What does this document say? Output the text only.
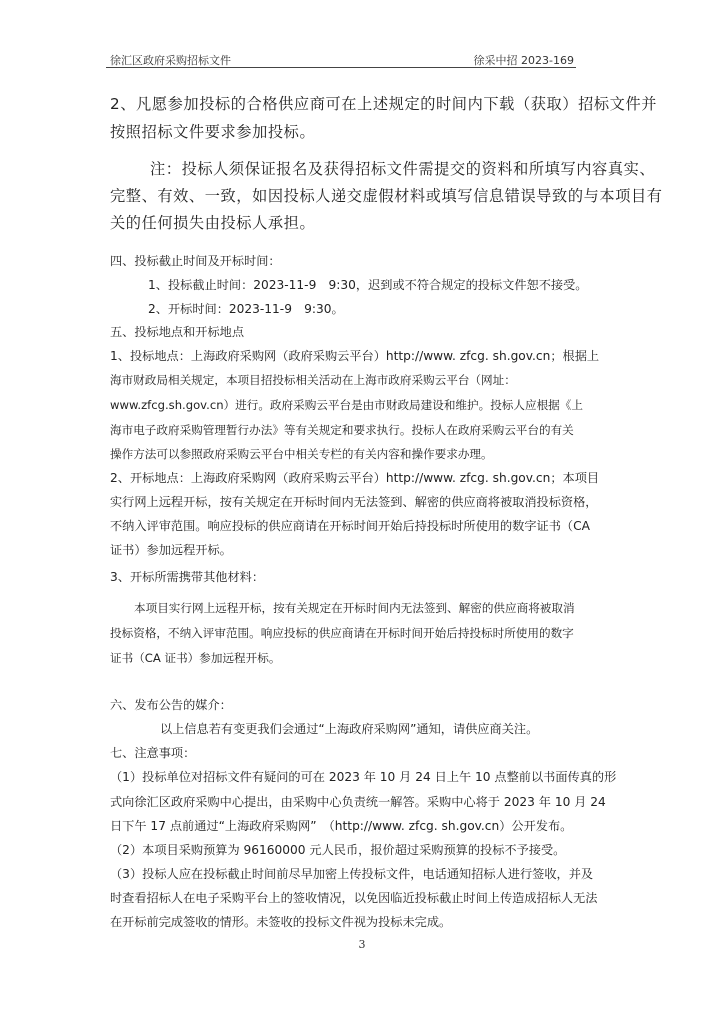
徐汇区政府采购招标文件	徐采中招 2023-169

2、凡愿参加投标的合格供应商可在上述规定的时间内下载（获取）招标文件并

按照招标文件要求参加投标。

注：投标人须保证报名及获得招标文件需提交的资料和所填写内容真实、

完整、有效、一致，如因投标人递交虚假材料或填写信息错误导致的与本项目有

关的任何损失由投标人承担。

四、投标截止时间及开标时间：

1、投标截止时间：2023-11-9　9:30，迟到或不符合规定的投标文件恕不接受。

2、开标时间：2023-11-9　9:30。

五、投标地点和开标地点

1、投标地点：上海政府采购网（政府采购云平台）http://www. zfcg. sh.gov.cn；根据上

海市财政局相关规定，本项目招投标相关活动在上海市政府采购云平台（网址：

www.zfcg.sh.gov.cn）进行。政府采购云平台是由市财政局建设和维护。投标人应根据《上

海市电子政府采购管理暂行办法》等有关规定和要求执行。投标人在政府采购云平台的有关

操作方法可以参照政府采购云平台中相关专栏的有关内容和操作要求办理。

2、开标地点：上海政府采购网（政府采购云平台）http://www. zfcg. sh.gov.cn；本项目

实行网上远程开标，按有关规定在开标时间内无法签到、解密的供应商将被取消投标资格，

不纳入评审范围。响应投标的供应商请在开标时间开始后持投标时所使用的数字证书（CA

证书）参加远程开标。

3、开标所需携带其他材料：

本项目实行网上远程开标，按有关规定在开标时间内无法签到、解密的供应商将被取消

投标资格，不纳入评审范围。响应投标的供应商请在开标时间开始后持投标时所使用的数字

证书（CA 证书）参加远程开标。

六、发布公告的媒介：

以上信息若有变更我们会通过“上海政府采购网”通知，请供应商关注。

七、注意事项：

（1）投标单位对招标文件有疑问的可在 2023 年 10 月 24 日上午 10 点整前以书面传真的形

式向徐汇区政府采购中心提出，由采购中心负责统一解答。采购中心将于 2023 年 10 月 24

日下午 17 点前通过“上海政府采购网”　（http://www. zfcg. sh.gov.cn）公开发布。

（2）本项目采购预算为 96160000 元人民币，报价超过采购预算的投标不予接受。

（3）投标人应在投标截止时间前尽早加密上传投标文件，电话通知招标人进行签收，并及

时查看招标人在电子采购平台上的签收情况，以免因临近投标截止时间上传造成招标人无法

在开标前完成签收的情形。未签收的投标文件视为投标未完成。

3
